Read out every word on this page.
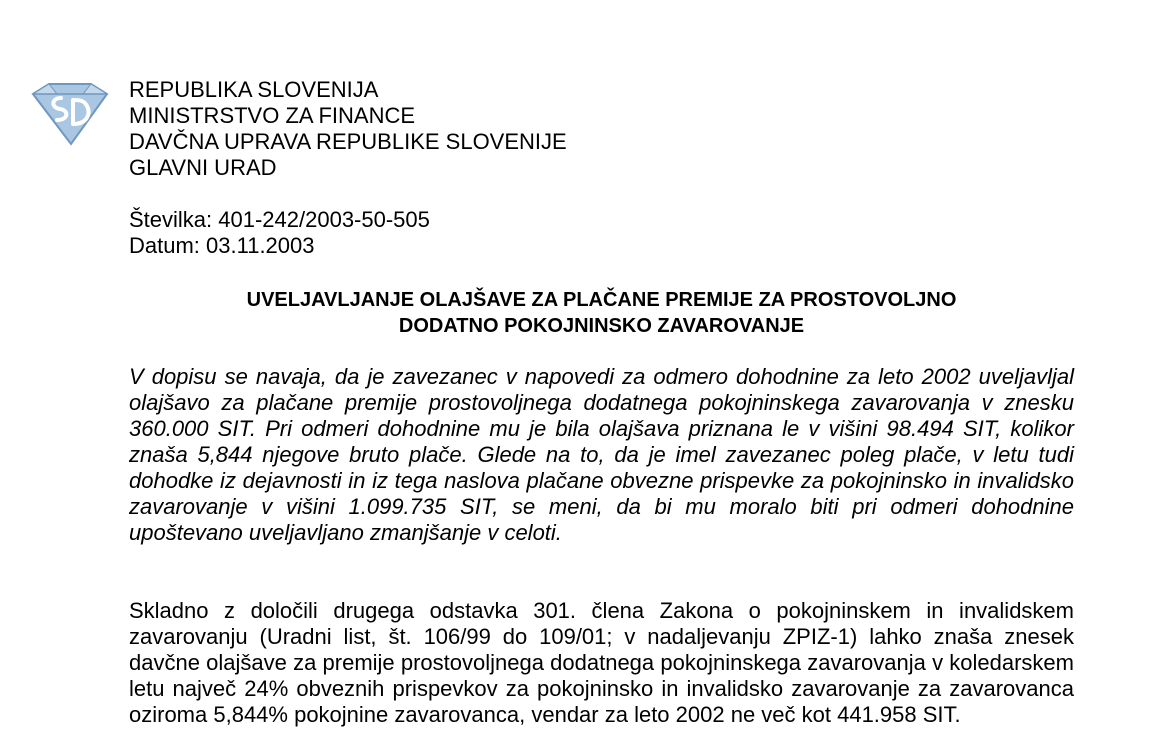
REPUBLIKA SLOVENIJA
MINISTRSTVO ZA FINANCE
DAVČNA UPRAVA REPUBLIKE SLOVENIJE
GLAVNI URAD
Številka: 401-242/2003-50-505
Datum: 03.11.2003
UVELJAVLJANJE OLAJŠAVE ZA PLAČANE PREMIJE ZA PROSTOVOLJNO
DODATNO POKOJNINSKO ZAVAROVANJE
V dopisu se navaja, da je zavezanec v napovedi za odmero dohodnine za leto 2002 uveljavljal olajšavo za plačane premije prostovoljnega dodatnega pokojninskega zavarovanja v znesku 360.000 SIT. Pri odmeri dohodnine mu je bila olajšava priznana le v višini 98.494 SIT, kolikor znaša 5,844 njegove bruto plače. Glede na to, da je imel zavezanec poleg plače, v letu tudi dohodke iz dejavnosti in iz tega naslova plačane obvezne prispevke za pokojninsko in invalidsko zavarovanje v višini 1.099.735 SIT, se meni, da bi mu moralo biti pri odmeri dohodnine upoštevano uveljavljano zmanjšanje v celoti.
Skladno z določili drugega odstavka 301. člena Zakona o pokojninskem in invalidskem zavarovanju (Uradni list, št. 106/99 do 109/01; v nadaljevanju ZPIZ-1) lahko znaša znesek davčne olajšave za premije prostovoljnega dodatnega pokojninskega zavarovanja v koledarskem letu največ 24% obveznih prispevkov za pokojninsko in invalidsko zavarovanje za zavarovanca oziroma 5,844% pokojnine zavarovanca, vendar za leto 2002 ne več kot 441.958 SIT.
